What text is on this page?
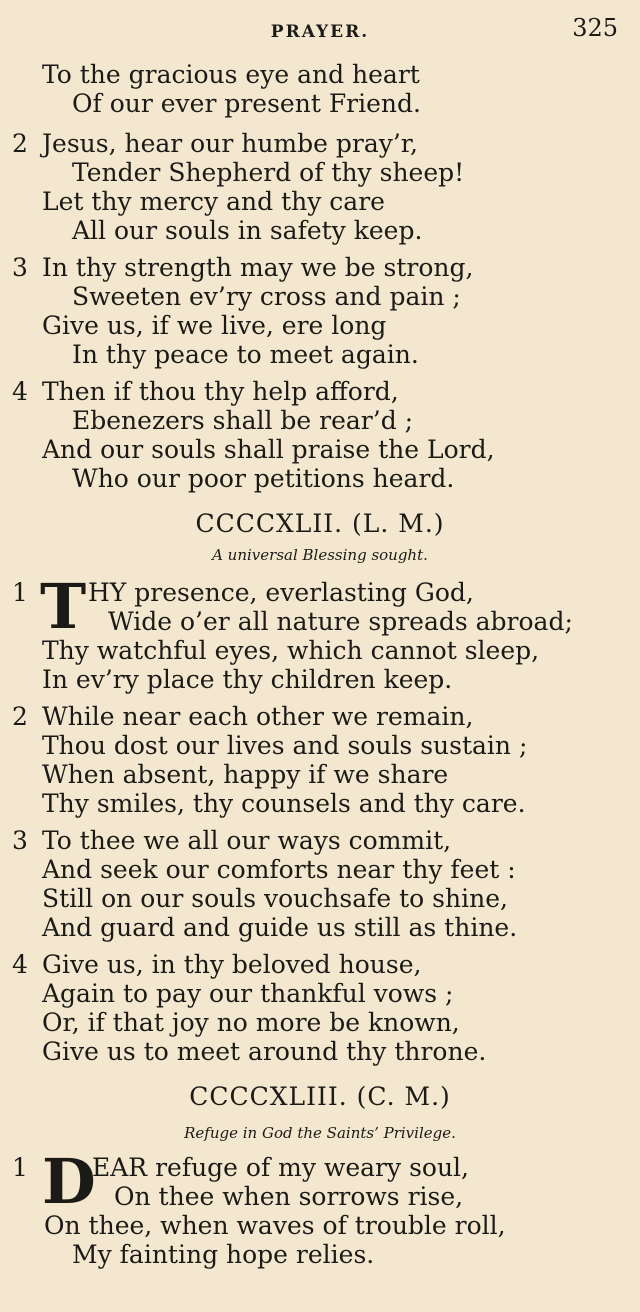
PRAYER.	325
To the gracious eye and heart
Of our ever present Friend.
2 Jesus, hear our humbe pray’r,
Tender Shepherd of thy sheep!
Let thy mercy and thy care
All our souls in safety keep.
3 In thy strength may we be strong,
Sweeten ev’ry cross and pain ;
Give us, if we live, ere long
In thy peace to meet again.
4 Then if thou thy help afford,
Ebenezers shall be rear’d ;
And our souls shall praise the Lord,
Who our poor petitions heard.
CCCCXLII. (L. M.)
A universal Blessing sought.
1 T HY presence, everlasting God,
Wide o’er all nature spreads abroad;
Thy watchful eyes, which cannot sleep,
In ev’ry place thy children keep.
2 While near each other we remain,
Thou dost our lives and souls sustain ;
When absent, happy if we share
Thy smiles, thy counsels and thy care.
3 To thee we all our ways commit,
And seek our comforts near thy feet :
Still on our souls vouchsafe to shine,
And guard and guide us still as thine.
4 Give us, in thy beloved house,
Again to pay our thankful vows ;
Or, if that joy no more be known,
Give us to meet around thy throne.
CCCCXLIII. (C. M.)
Refuge in God the Saints’ Privilege.
1 D
EAR refuge of my weary soul,
On thee when sorrows rise,
On thee, when waves of trouble roll,
My fainting hope relies.
